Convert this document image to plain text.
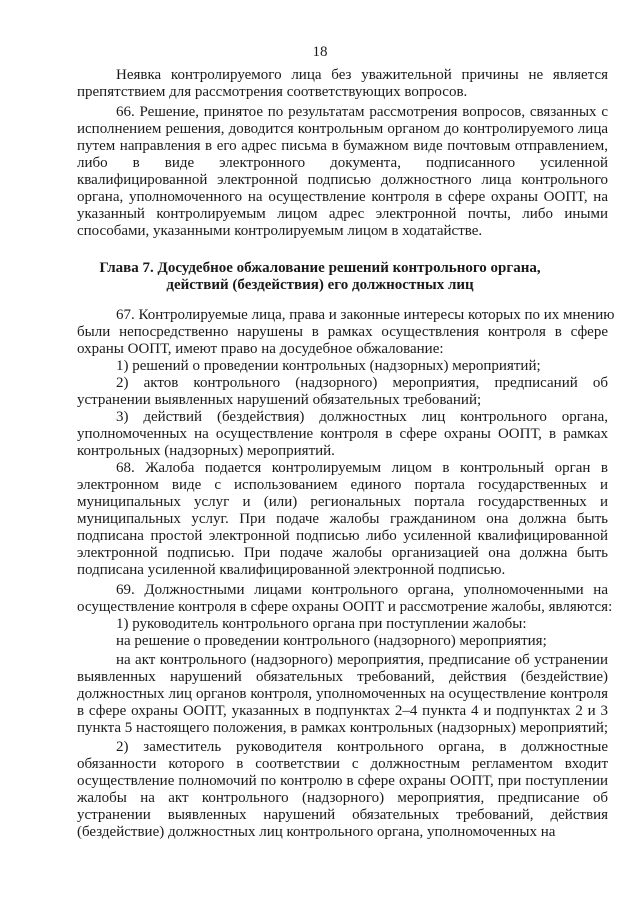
18
Неявка контролируемого лица без уважительной причины не является
препятствием для рассмотрения соответствующих вопросов.
66. Решение, принятое по результатам рассмотрения вопросов, связанных с
исполнением решения, доводится контрольным органом до контролируемого лица
путем направления в его адрес письма в бумажном виде почтовым отправлением,
либо в виде электронного документа, подписанного усиленной
квалифицированной электронной подписью должностного лица контрольного
органа, уполномоченного на осуществление контроля в сфере охраны ООПТ, на
указанный контролируемым лицом адрес электронной почты, либо иными
способами, указанными контролируемым лицом в ходатайстве.
Глава 7. Досудебное обжалование решений контрольного органа,
действий (бездействия) его должностных лиц
67. Контролируемые лица, права и законные интересы которых по их мнению
были непосредственно нарушены в рамках осуществления контроля в сфере
охраны ООПТ, имеют право на досудебное обжалование:
1) решений о проведении контрольных (надзорных) мероприятий;
2) актов контрольного (надзорного) мероприятия, предписаний об
устранении выявленных нарушений обязательных требований;
3) действий (бездействия) должностных лиц контрольного органа,
уполномоченных на осуществление контроля в сфере охраны ООПТ, в рамках
контрольных (надзорных) мероприятий.
68. Жалоба подается контролируемым лицом в контрольный орган в
электронном виде с использованием единого портала государственных и
муниципальных услуг и (или) региональных портала государственных и
муниципальных услуг. При подаче жалобы гражданином она должна быть
подписана простой электронной подписью либо усиленной квалифицированной
электронной подписью. При подаче жалобы организацией она должна быть
подписана усиленной квалифицированной электронной подписью.
69. Должностными лицами контрольного органа, уполномоченными на
осуществление контроля в сфере охраны ООПТ и рассмотрение жалобы, являются:
1) руководитель контрольного органа при поступлении жалобы:
на решение о проведении контрольного (надзорного) мероприятия;
на акт контрольного (надзорного) мероприятия, предписание об устранении
выявленных нарушений обязательных требований, действия (бездействие)
должностных лиц органов контроля, уполномоченных на осуществление контроля
в сфере охраны ООПТ, указанных в подпунктах 2–4 пункта 4 и подпунктах 2 и 3
пункта 5 настоящего положения, в рамках контрольных (надзорных) мероприятий;
2) заместитель руководителя контрольного органа, в должностные
обязанности которого в соответствии с должностным регламентом входит
осуществление полномочий по контролю в сфере охраны ООПТ, при поступлении
жалобы на акт контрольного (надзорного) мероприятия, предписание об
устранении выявленных нарушений обязательных требований, действия
(бездействие) должностных лиц контрольного органа, уполномоченных на
